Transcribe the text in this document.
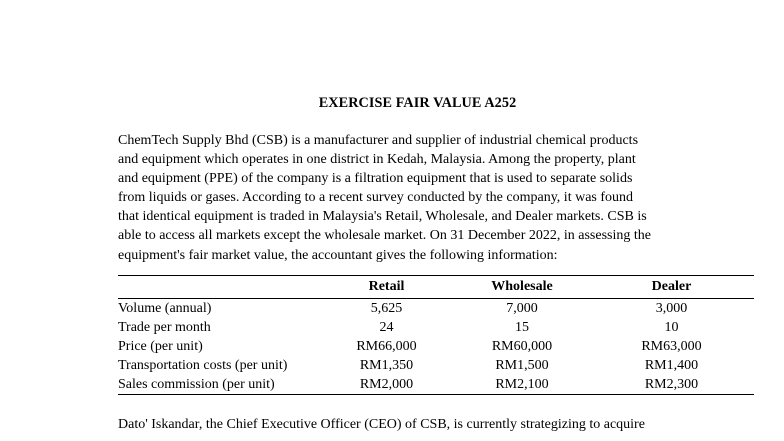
EXERCISE FAIR VALUE A252
ChemTech Supply Bhd (CSB) is a manufacturer and supplier of industrial chemical products
and equipment which operates in one district in Kedah, Malaysia. Among the property, plant
and equipment (PPE) of the company is a filtration equipment that is used to separate solids
from liquids or gases. According to a recent survey conducted by the company, it was found
that identical equipment is traded in Malaysia's Retail, Wholesale, and Dealer markets. CSB is
able to access all markets except the wholesale market. On 31 December 2022, in assessing the
equipment's fair market value, the accountant gives the following information:
	Retail	Wholesale	Dealer
Volume (annual)	5,625	7,000	3,000
Trade per month	24	15	10
Price (per unit)	RM66,000	RM60,000	RM63,000
Transportation costs (per unit)	RM1,350	RM1,500	RM1,400
Sales commission (per unit)	RM2,000	RM2,100	RM2,300
Dato' Iskandar, the Chief Executive Officer (CEO) of CSB, is currently strategizing to acquire
